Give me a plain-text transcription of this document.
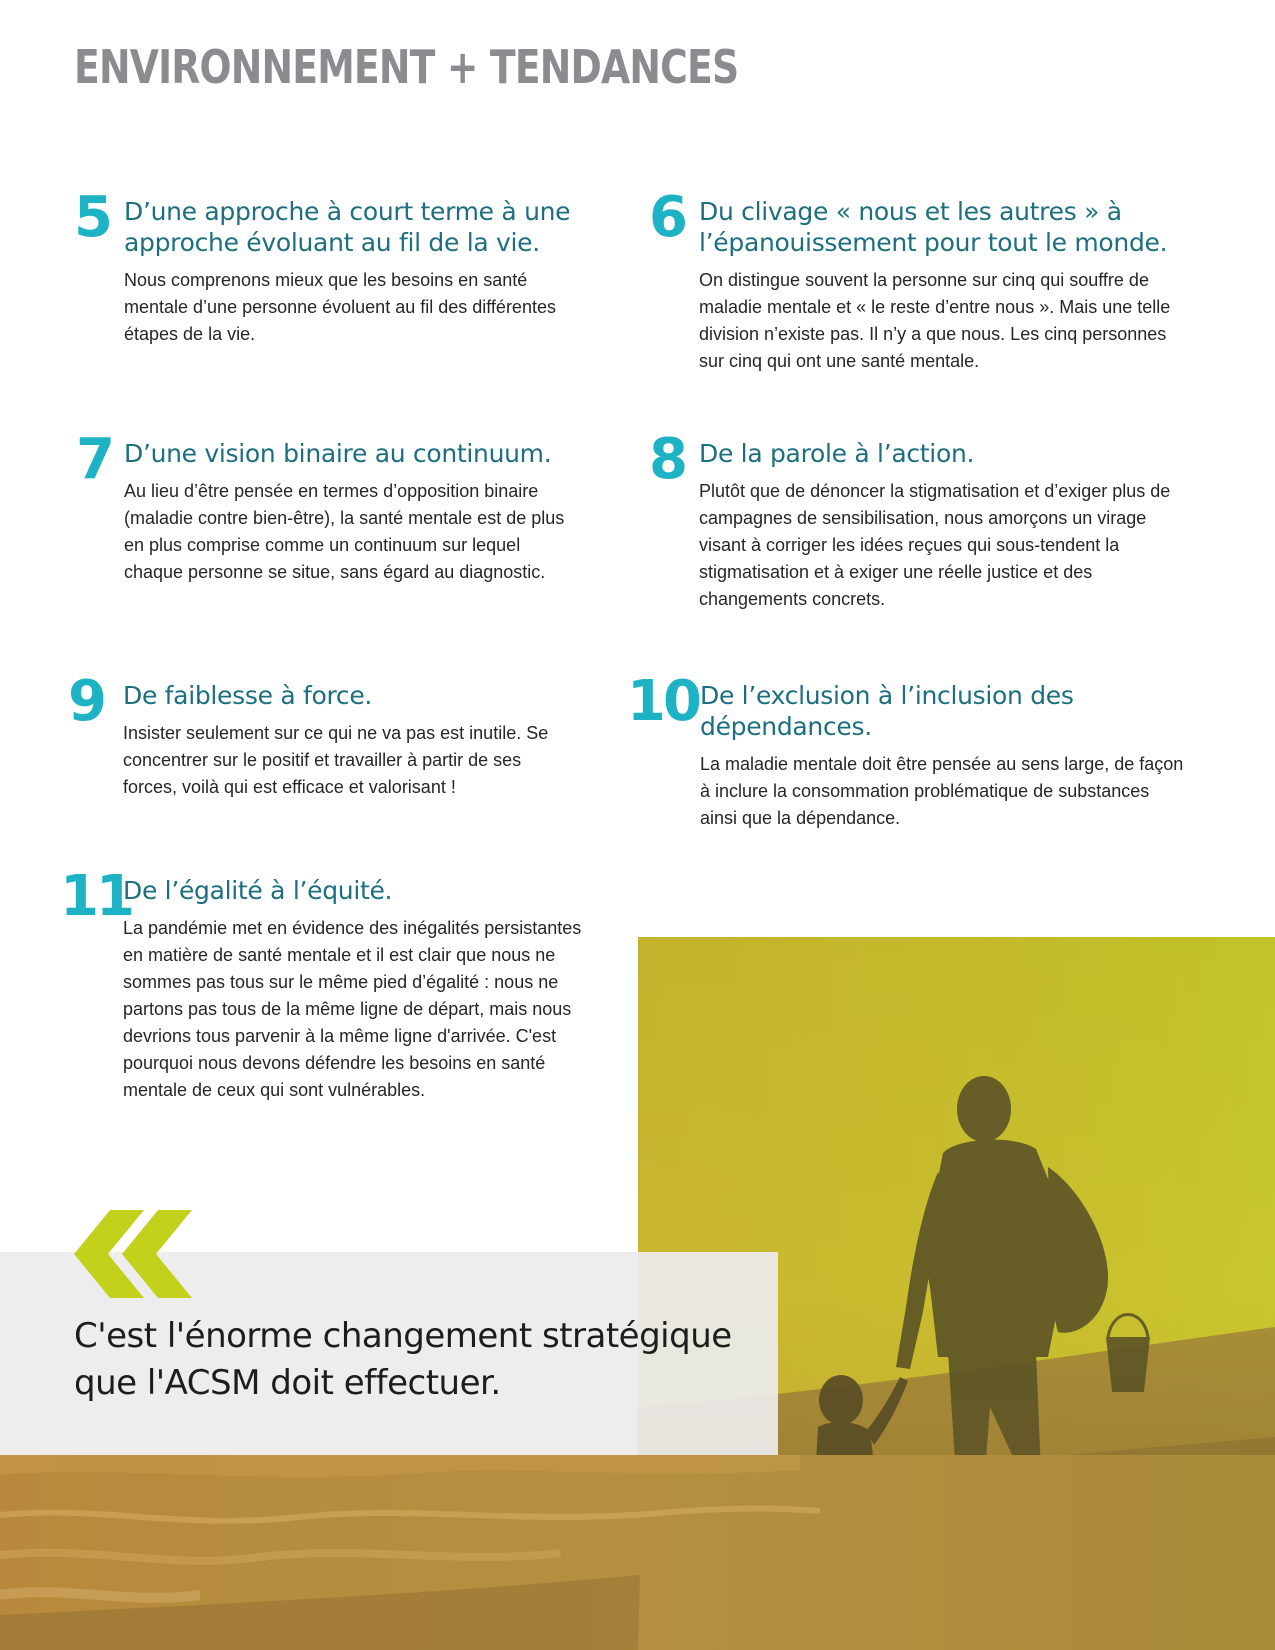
ENVIRONNEMENT + TENDANCES
5 D’une approche à court terme à une approche évoluant au fil de la vie.
Nous comprenons mieux que les besoins en santé mentale d’une personne évoluent au fil des différentes étapes de la vie.
6 Du clivage « nous et les autres » à l’épanouissement pour tout le monde.
On distingue souvent la personne sur cinq qui souffre de maladie mentale et « le reste d’entre nous ». Mais une telle division n’existe pas. Il n’y a que nous. Les cinq personnes sur cinq qui ont une santé mentale.
7 D’une vision binaire au continuum.
Au lieu d’être pensée en termes d’opposition binaire (maladie contre bien-être), la santé mentale est de plus en plus comprise comme un continuum sur lequel chaque personne se situe, sans égard au diagnostic.
8 De la parole à l’action.
Plutôt que de dénoncer la stigmatisation et d’exiger plus de campagnes de sensibilisation, nous amorçons un virage visant à corriger les idées reçues qui sous-tendent la stigmatisation et à exiger une réelle justice et des changements concrets.
9 De faiblesse à force.
Insister seulement sur ce qui ne va pas est inutile. Se concentrer sur le positif et travailler à partir de ses forces, voilà qui est efficace et valorisant !
10 De l’exclusion à l’inclusion des dépendances.
La maladie mentale doit être pensée au sens large, de façon à inclure la consommation problématique de substances ainsi que la dépendance.
11
De l’égalité à l’équité.
La pandémie met en évidence des inégalités persistantes en matière de santé mentale et il est clair que nous ne sommes pas tous sur le même pied d’égalité : nous ne partons pas tous de la même ligne de départ, mais nous devrions tous parvenir à la même ligne d'arrivée. C'est pourquoi nous devons défendre les besoins en santé mentale de ceux qui sont vulnérables.
C'est l'énorme changement stratégique que l'ACSM doit effectuer.
